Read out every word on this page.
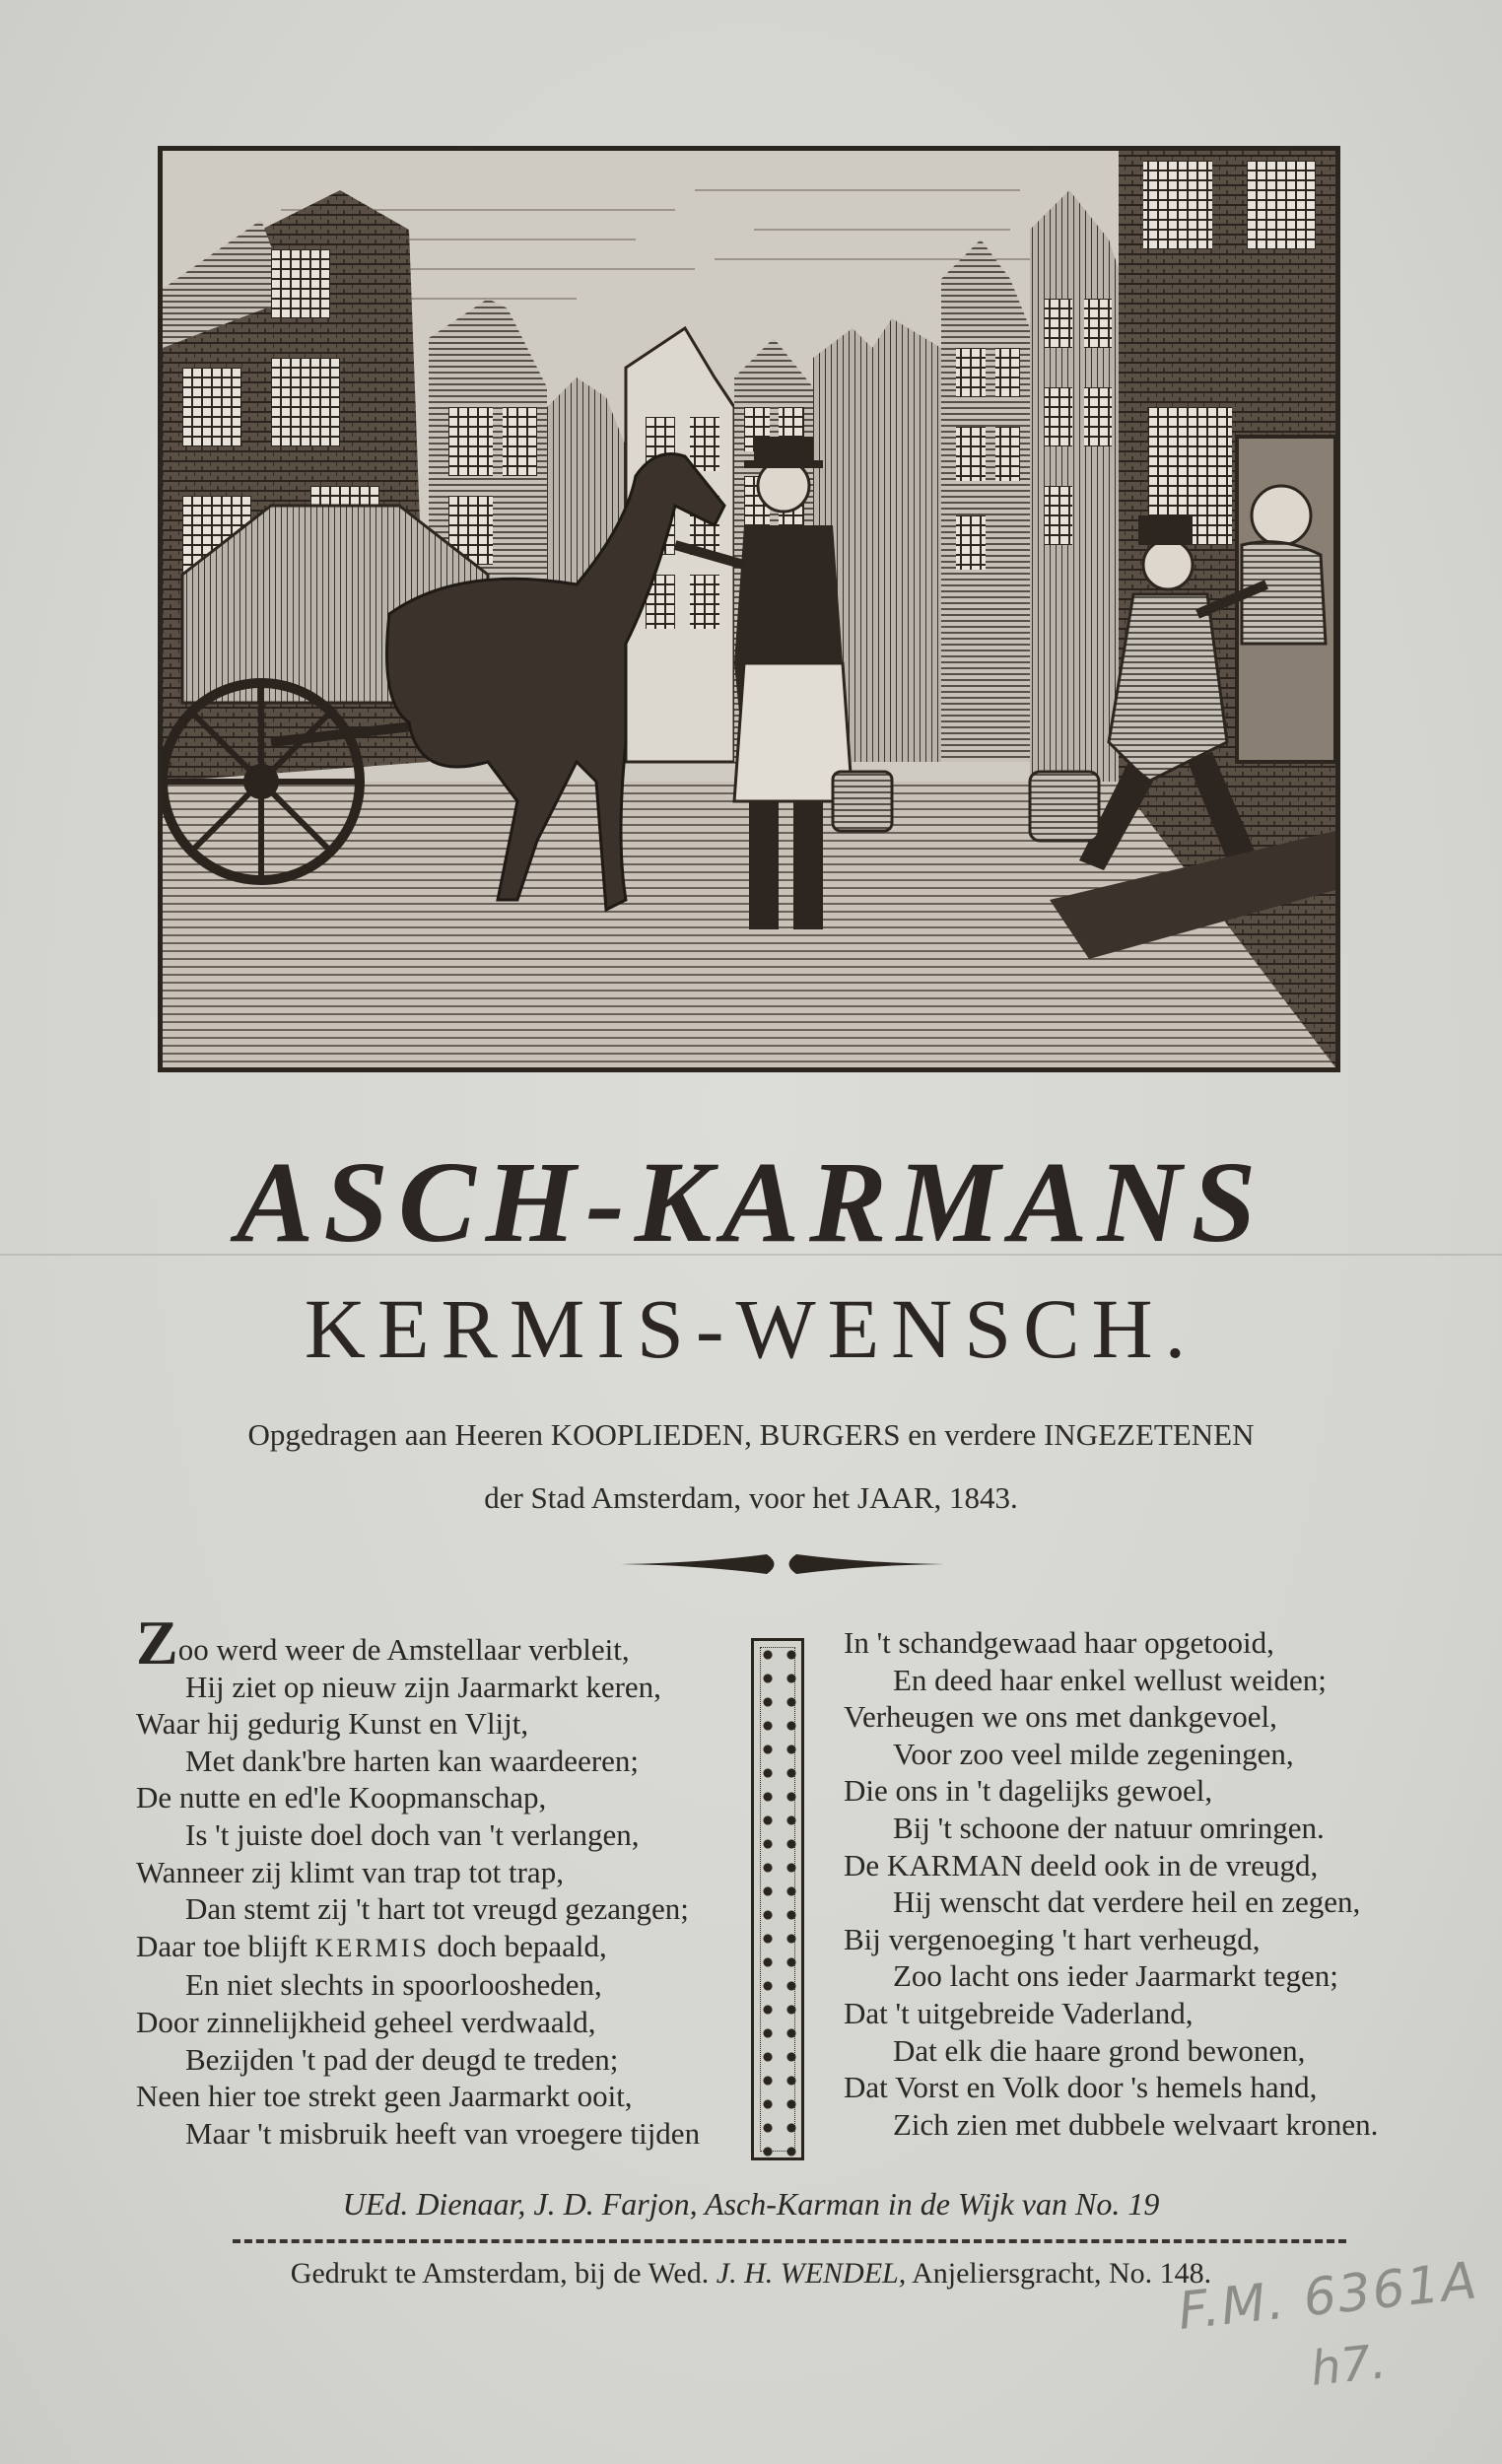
ASCH-KARMANS
KERMIS-WENSCH.
Opgedragen aan Heeren KOOPLIEDEN, BURGERS en verdere INGEZETENEN
der Stad Amsterdam, voor het JAAR, 1843.
Zoo werd weer de Amstellaar verbleit,
Hij ziet op nieuw zijn Jaarmarkt keren,
Waar hij gedurig Kunst en Vlijt,
Met dank'bre harten kan waardeeren;
De nutte en ed'le Koopmanschap,
Is 't juiste doel doch van 't verlangen,
Wanneer zij klimt van trap tot trap,
Dan stemt zij 't hart tot vreugd gezangen;
Daar toe blijft KERMIS doch bepaald,
En niet slechts in spoorloosheden,
Door zinnelijkheid geheel verdwaald,
Bezijden 't pad der deugd te treden;
Neen hier toe strekt geen Jaarmarkt ooit,
Maar 't misbruik heeft van vroegere tijden
In 't schandgewaad haar opgetooid,
En deed haar enkel wellust weiden;
Verheugen we ons met dankgevoel,
Voor zoo veel milde zegeningen,
Die ons in 't dagelijks gewoel,
Bij 't schoone der natuur omringen.
De KARMAN deeld ook in de vreugd,
Hij wenscht dat verdere heil en zegen,
Bij vergenoeging 't hart verheugd,
Zoo lacht ons ieder Jaarmarkt tegen;
Dat 't uitgebreide Vaderland,
Dat elk die haare grond bewonen,
Dat Vorst en Volk door 's hemels hand,
Zich zien met dubbele welvaart kronen.
UEd. Dienaar, J. D. Farjon, Asch-Karman in de Wijk van No. 19
Gedrukt te Amsterdam, bij de Wed. J. H. WENDEL, Anjeliersgracht, No. 148.
F.M. 6361A
h7.
